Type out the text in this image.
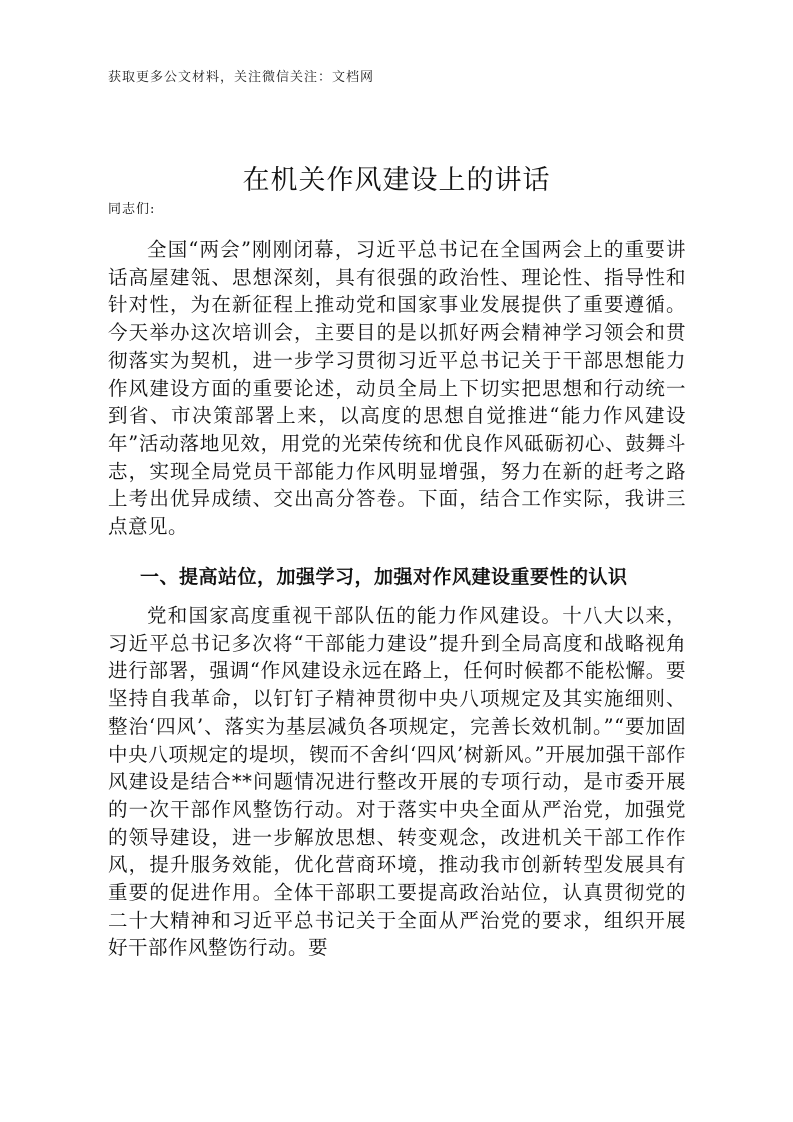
获取更多公文材料，关注微信关注：文档网
在机关作风建设上的讲话
同志们:

全国“两会”刚刚闭幕，习近平总书记在全国两会上的重要讲话高屋建瓴、思想深刻，具有很强的政治性、理论性、指导性和针对性，为在新征程上推动党和国家事业发展提供了重要遵循。今天举办这次培训会，主要目的是以抓好两会精神学习领会和贯彻落实为契机，进一步学习贯彻习近平总书记关于干部思想能力作风建设方面的重要论述，动员全局上下切实把思想和行动统一到省、市决策部署上来，以高度的思想自觉推进“能力作风建设年”活动落地见效，用党的光荣传统和优良作风砥砺初心、鼓舞斗志，实现全局党员干部能力作风明显增强，努力在新的赶考之路上考出优异成绩、交出高分答卷。下面，结合工作实际，我讲三点意见。

一、提高站位，加强学习，加强对作风建设重要性的认识

党和国家高度重视干部队伍的能力作风建设。十八大以来，习近平总书记多次将“干部能力建设”提升到全局高度和战略视角进行部署，强调“作风建设永远在路上，任何时候都不能松懈。要坚持自我革命，以钉钉子精神贯彻中央八项规定及其实施细则、整治‘四风’、落实为基层减负各项规定，完善长效机制。”“要加固中央八项规定的堤坝，锲而不舍纠‘四风’树新风。”开展加强干部作风建设是结合**问题情况进行整改开展的专项行动，是市委开展的一次干部作风整饬行动。对于落实中央全面从严治党，加强党的领导建设，进一步解放思想、转变观念，改进机关干部工作作风，提升服务效能，优化营商环境，推动我市创新转型发展具有重要的促进作用。全体干部职工要提高政治站位，认真贯彻党的二十大精神和习近平总书记关于全面从严治党的要求，组织开展好干部作风整饬行动。要
